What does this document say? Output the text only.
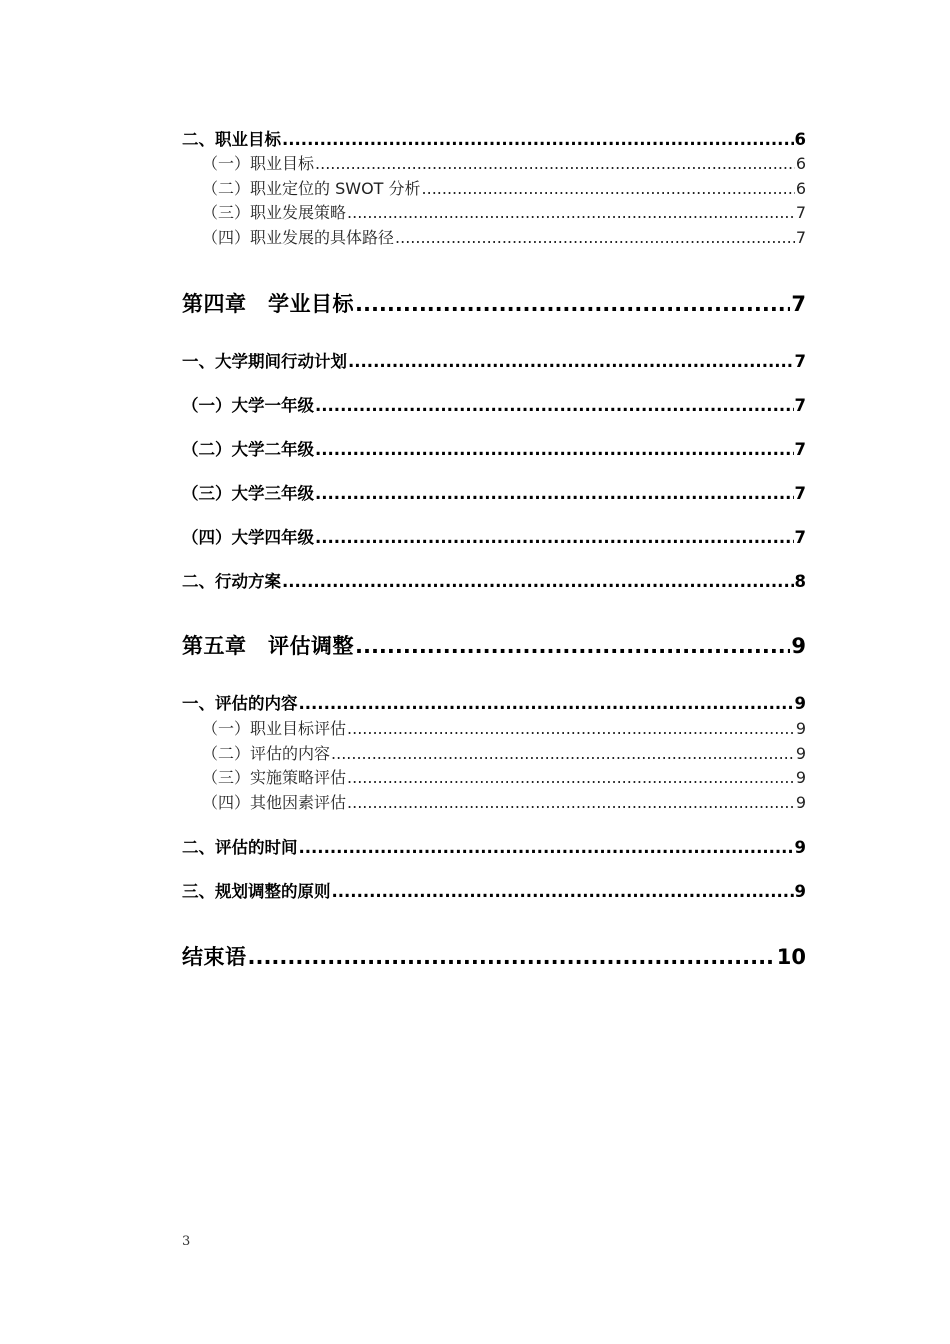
二、职业目标 .....	6
（一）职业目标 .....	6
（二）职业定位的 SWOT 分析 .....	6
（三）职业发展策略 .....	7
（四）职业发展的具体路径 .....	7
第四章　学业目标 .....	7
一、大学期间行动计划 .....	7
（一）大学一年级 .....	7
（二）大学二年级 .....	7
（三）大学三年级 .....	7
（四）大学四年级 .....	7
二、行动方案 .....	8
第五章　评估调整 .....	9
一、评估的内容 .....	9
（一）职业目标评估 .....	9
（二）评估的内容 .....	9
（三）实施策略评估 .....	9
（四）其他因素评估 .....	9
二、评估的时间 .....	9
三、规划调整的原则 .....	9
结束语 .....	10
3
